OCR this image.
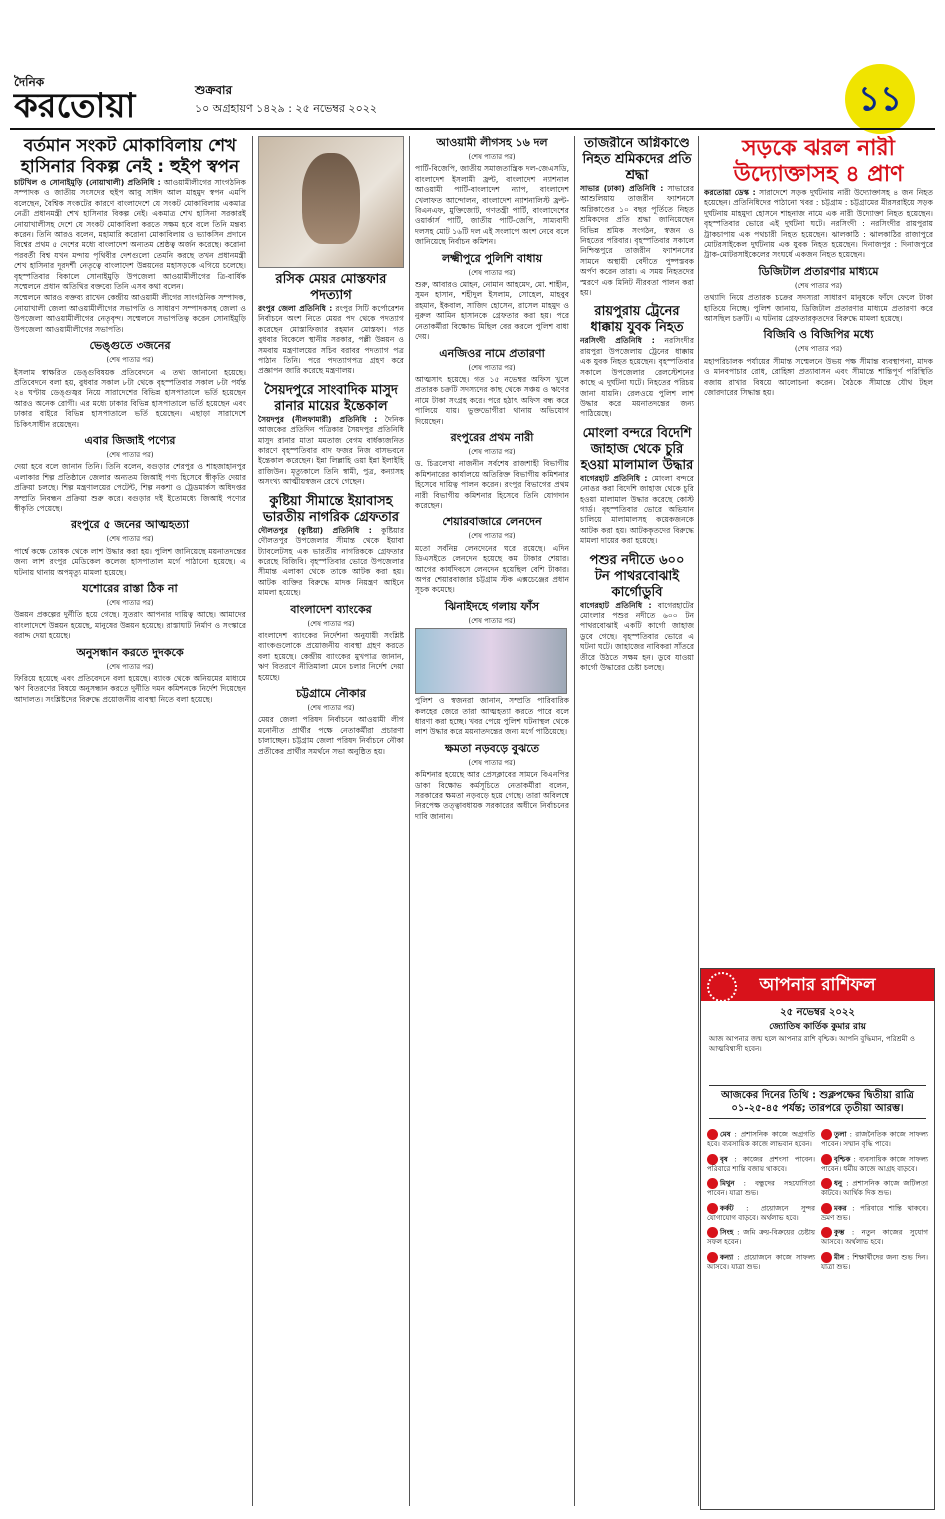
দৈনিক
করতোয়া	শুক্রবার
১০ অগ্রহায়ণ ১৪২৯ : ২৫ নভেম্বর ২০২২	১১
বর্তমান সংকট মোকাবিলায় শেখ হাসিনার বিকল্প নেই : হুইপ স্বপন

চাটখিল ও সোনাইমুড়ি (নোয়াখালী) প্রতিনিধি : আওয়ামীলীগের সাংগঠনিক সম্পাদক ও জাতীয় সংসদের হুইপ আবু সাঈদ আল মাহমুদ স্বপন এমপি বলেছেন, বৈশ্বিক সংকটের কারণে বাংলাদেশে যে সংকট মোকাবিলায় একমাত্র নেত্রী প্রধানমন্ত্রী শেখ হাসিনার বিকল্প নেই। একমাত্র শেখ হাসিনা সরকারই নোয়াখালীসহ দেশে যে সংকট মোকাবিলা করতে সক্ষম হবে বলে তিনি মন্তব্য করেন। তিনি আরও বলেন, মহামারি করোনা মোকাবিলায় ও ভ্যাকসিন প্রদানে বিশ্বের প্রথম ৫ দেশের মধ্যে বাংলাদেশ অন্যতম শ্রেষ্ঠত্ব অর্জন করেছে। করোনা পরবর্তী বিশ্ব যখন মন্দায় পৃথিবীর দেশগুলো তেমনি করছে তখন প্রধানমন্ত্রী শেখ হাসিনার দূরদর্শী নেতৃত্বে বাংলাদেশ উন্নয়নের মহাসড়কে এগিয়ে চলেছে। বৃহস্পতিবার বিকালে সোনাইমুড়ি উপজেলা আওয়ামীলীগের ত্রি-বার্ষিক সম্মেলনে প্রধান অতিথির বক্তব্যে তিনি এসব কথা বলেন।

সম্মেলনে আরও বক্তব্য রাখেন কেন্দ্রীয় আওয়ামী লীগের সাংগঠনিক সম্পাদক, নোয়াখালী জেলা আওয়ামীলীগের সভাপতি ও সাধারণ সম্পাদকসহ জেলা ও উপজেলা আওয়ামীলীগের নেতৃবৃন্দ। সম্মেলনে সভাপতিত্ব করেন সোনাইমুড়ি উপজেলা আওয়ামীলীগের সভাপতি।

ভেঙ্গুতে ৩জনের
(শেষ পাতার পর)

ইসলাম স্বাক্ষরিত ডেঙ্গুবিষয়ক প্রতিবেদনে এ তথ্য জানানো হয়েছে। প্রতিবেদনে বলা হয়, বুধবার সকাল ৮টা থেকে বৃহস্পতিবার সকাল ৮টা পর্যন্ত ২৪ ঘণ্টায় ডেঙ্গুজ্বর নিয়ে সারাদেশের বিভিন্ন হাসপাতালে ভর্তি হয়েছেন আরও অনেক রোগী। এর মধ্যে ঢাকার বিভিন্ন হাসপাতালে ভর্তি হয়েছেন এবং ঢাকার বাইরে বিভিন্ন হাসপাতালে ভর্তি হয়েছেন। এছাড়া সারাদেশে চিকিৎসাধীন রয়েছেন।

এবার জিজাই পণ্যের
(শেষ পাতার পর)

দেয়া হবে বলে জানান তিনি। তিনি বলেন, বগুড়ার শেরপুর ও শাহজাহানপুর এলাকার শিল্প প্রতিষ্ঠানে জেলার অন্যতম জিআই পণ্য হিসেবে স্বীকৃতি দেয়ার প্রক্রিয়া চলছে। শিল্প মন্ত্রণালয়ের পেটেন্ট, শিল্প নকশা ও ট্রেডমার্কস অধিদপ্তর সম্প্রতি নিবন্ধন প্রক্রিয়া শুরু করে। বগুড়ার দই ইতোমধ্যে জিআই পণ্যের স্বীকৃতি পেয়েছে।

রংপুরে ৫ জনের আত্মহত্যা
(শেষ পাতার পর)

পার্শ্বে কক্ষে তোষক থেকে লাশ উদ্ধার করা হয়। পুলিশ জানিয়েছে ময়নাতদন্তের জন্য লাশ রংপুর মেডিকেল কলেজ হাসপাতাল মর্গে পাঠানো হয়েছে। এ ঘটনায় থানায় অপমৃত্যু মামলা হয়েছে।

যশোরের রাস্তা ঠিক না
(শেষ পাতার পর)

উন্নয়ন প্রকল্পের দুর্নীতি হয়ে গেছে। সুতরাং আপনার দায়িত্ব আছে। আমাদের বাংলাদেশে উন্নয়ন হয়েছে, মানুষের উন্নয়ন হয়েছে। রাস্তাঘাট নির্মাণ ও সংস্কারে বরাদ্দ দেয়া হয়েছে।

অনুসন্ধান করতে দুদককে
(শেষ পাতার পর)

ফিরিয়ে হয়েছে এবং প্রতিবেদনে বলা হয়েছে। ব্যাংক থেকে অনিয়মের মাধ্যমে ঋণ বিতরণের বিষয়ে অনুসন্ধান করতে দুর্নীতি দমন কমিশনকে নির্দেশ দিয়েছেন আদালত। সংশ্লিষ্টদের বিরুদ্ধে প্রয়োজনীয় ব্যবস্থা নিতে বলা হয়েছে।

রসিক মেয়র মোস্তফার পদত্যাগ

রংপুর জেলা প্রতিনিধি : রংপুর সিটি কর্পোরেশন নির্বাচনে অংশ নিতে মেয়র পদ থেকে পদত্যাগ করেছেন মোস্তাফিজার রহমান মোস্তফা। গত বুধবার বিকেলে স্থানীয় সরকার, পল্লী উন্নয়ন ও সমবায় মন্ত্রণালয়ের সচিব বরাবর পদত্যাগ পত্র পাঠান তিনি। পরে পদত্যাগপত্র গ্রহণ করে প্রজ্ঞাপন জারি করেছে মন্ত্রণালয়।

সৈয়দপুরে সাংবাদিক মাসুদ রানার মায়ের ইন্তেকাল

সৈয়দপুর (নীলফামারী) প্রতিনিধি : দৈনিক আজকের প্রতিদিন পত্রিকার সৈয়দপুর প্রতিনিধি মাসুদ রানার মাতা মমতাজ বেগম বার্ধক্যজনিত কারণে বৃহস্পতিবার বাদ ফজর নিজ বাসভবনে ইন্তেকাল করেছেন। ইন্না লিল্লাহি ওয়া ইন্না ইলাইহি রাজিউন। মৃত্যুকালে তিনি স্বামী, পুত্র, কন্যাসহ অসংখ্য আত্মীয়স্বজন রেখে গেছেন।

কুষ্টিয়া সীমান্তে ইয়াবাসহ ভারতীয় নাগরিক গ্রেফতার

দৌলতপুর (কুষ্টিয়া) প্রতিনিধি : কুষ্টিয়ার দৌলতপুর উপজেলার সীমান্ত থেকে ইয়াবা ট্যাবলেটসহ এক ভারতীয় নাগরিককে গ্রেফতার করেছে বিজিবি। বৃহস্পতিবার ভোরে উপজেলার সীমান্ত এলাকা থেকে তাকে আটক করা হয়। আটক ব্যক্তির বিরুদ্ধে মাদক নিয়ন্ত্রণ আইনে মামলা হয়েছে।

বাংলাদেশ ব্যাংকের
(শেষ পাতার পর)

বাংলাদেশ ব্যাংকের নির্দেশনা অনুযায়ী সংশ্লিষ্ট ব্যাংকগুলোকে প্রয়োজনীয় ব্যবস্থা গ্রহণ করতে বলা হয়েছে। কেন্দ্রীয় ব্যাংকের মুখপাত্র জানান, ঋণ বিতরণে নীতিমালা মেনে চলার নির্দেশ দেয়া হয়েছে।

চট্টগ্রামে নৌকার
(শেষ পাতার পর)

মেয়র জেলা পরিষদ নির্বাচনে আওয়ামী লীগ মনোনীত প্রার্থীর পক্ষে নেতাকর্মীরা প্রচারণা চালাচ্ছেন। চট্টগ্রাম জেলা পরিষদ নির্বাচনে নৌকা প্রতীকের প্রার্থীর সমর্থনে সভা অনুষ্ঠিত হয়।

আওয়ামী লীগসহ ১৬ দল
(শেষ পাতার পর)

পার্টি-বিজেপি, জাতীয় সমাজতান্ত্রিক দল-জেএসডি, বাংলাদেশ ইসলামী ফ্রন্ট, বাংলাদেশ ন্যাশনাল আওয়ামী পার্টি-বাংলাদেশ ন্যাপ, বাংলাদেশ খেলাফত আন্দোলন, বাংলাদেশ ন্যাশনালিস্ট ফ্রন্ট-বিএনএফ, মুক্তিজোট, গণতন্ত্রী পার্টি, বাংলাদেশের ওয়ার্কার্স পার্টি, জাতীয় পার্টি-জেপি, সাম্যবাদী দলসহ মোট ১৬টি দল এই সংলাপে অংশ নেবে বলে জানিয়েছে নির্বাচন কমিশন।

লক্ষ্মীপুরে পুলিশি বাধায়
(শেষ পাতার পর)

শুরু, আবারও মোহন, নোমান আহমেদ, মো. শাহীন, সুমন হাসান, শহীদুল ইসলাম, সোহেল, মাহবুব রহমান, ইকবাল, সাজিদ হোসেন, রাসেল মাহমুদ ও নুরুল আমিন হাসানকে গ্রেফতার করা হয়। পরে নেতাকর্মীরা বিক্ষোভ মিছিল বের করলে পুলিশ বাধা দেয়।

এনজিওর নামে প্রতারণা
(শেষ পাতার পর)

আত্মসাৎ হয়েছে। গত ১৫ নভেম্বর অফিস খুলে প্রতারক চক্রটি সদস্যদের কাছ থেকে সঞ্চয় ও ঋণের নামে টাকা সংগ্রহ করে। পরে হঠাৎ অফিস বন্ধ করে পালিয়ে যায়। ভুক্তভোগীরা থানায় অভিযোগ দিয়েছেন।

রংপুরের প্রথম নারী
(শেষ পাতার পর)

ড. চিত্রলেখা নাজনীন সর্বশেষ রাজশাহী বিভাগীয় কমিশনারের কার্যালয়ে অতিরিক্ত বিভাগীয় কমিশনার হিসেবে দায়িত্ব পালন করেন। রংপুর বিভাগের প্রথম নারী বিভাগীয় কমিশনার হিসেবে তিনি যোগদান করেছেন।

শেয়ারবাজারে লেনদেন
(শেষ পাতার পর)

মতো সর্বনিম্ন লেনদেনের ঘরে রয়েছে। এদিন ডিএসইতে লেনদেন হয়েছে কম টাকার শেয়ার। আগের কার্যদিবসে লেনদেন হয়েছিল বেশি টাকার। অপর শেয়ারবাজার চট্টগ্রাম স্টক এক্সচেঞ্জের প্রধান সূচক কমেছে।

ঝিনাইদহে গলায় ফাঁস
(শেষ পাতার পর)

পুলিশ ও স্বজনরা জানান, সম্প্রতি পারিবারিক কলহের জেরে তারা আত্মহত্যা করতে পারে বলে ধারণা করা হচ্ছে। খবর পেয়ে পুলিশ ঘটনাস্থল থেকে লাশ উদ্ধার করে ময়নাতদন্তের জন্য মর্গে পাঠিয়েছে।

ক্ষমতা নড়বড়ে বুঝতে
(শেষ পাতার পর)

কমিশনার হয়েছে আর প্রেসক্লাবের সামনে বিএনপির ডাকা বিক্ষোভ কর্মসূচিতে নেতাকর্মীরা বলেন, সরকারের ক্ষমতা নড়বড়ে হয়ে গেছে। তারা অবিলম্বে নিরপেক্ষ তত্ত্বাবধায়ক সরকারের অধীনে নির্বাচনের দাবি জানান।

তাজরীনে অগ্নিকাণ্ডে নিহত শ্রমিকদের প্রতি শ্রদ্ধা

সাভার (ঢাকা) প্রতিনিধি : সাভারের আশুলিয়ায় তাজরীন ফ্যাশনসে অগ্নিকাণ্ডের ১০ বছর পূর্তিতে নিহত শ্রমিকদের প্রতি শ্রদ্ধা জানিয়েছেন বিভিন্ন শ্রমিক সংগঠন, স্বজন ও নিহতের পরিবার। বৃহস্পতিবার সকালে নিশ্চিন্তপুরে তাজরীন ফ্যাশনসের সামনে অস্থায়ী বেদীতে পুষ্পস্তবক অর্পণ করেন তারা। এ সময় নিহতদের স্মরণে এক মিনিট নীরবতা পালন করা হয়।

রায়পুরায় ট্রেনের ধাক্কায় যুবক নিহত

নরসিংদী প্রতিনিধি : নরসিংদীর রায়পুরা উপজেলায় ট্রেনের ধাক্কায় এক যুবক নিহত হয়েছেন। বৃহস্পতিবার সকালে উপজেলার রেলস্টেশনের কাছে এ দুর্ঘটনা ঘটে। নিহতের পরিচয় জানা যায়নি। রেলওয়ে পুলিশ লাশ উদ্ধার করে ময়নাতদন্তের জন্য পাঠিয়েছে।

মোংলা বন্দরে বিদেশি জাহাজ থেকে চুরি হওয়া মালামাল উদ্ধার

বাগেরহাট প্রতিনিধি : মোংলা বন্দরে নোঙর করা বিদেশি জাহাজ থেকে চুরি হওয়া মালামাল উদ্ধার করেছে কোস্ট গার্ড। বৃহস্পতিবার ভোরে অভিযান চালিয়ে মালামালসহ কয়েকজনকে আটক করা হয়। আটককৃতদের বিরুদ্ধে মামলা দায়ের করা হয়েছে।

পশুর নদীতে ৬০০ টন পাথরবোঝাই কার্গোডুবি

বাগেরহাট প্রতিনিধি : বাগেরহাটের মোংলার পশুর নদীতে ৬০০ টন পাথরবোঝাই একটি কার্গো জাহাজ ডুবে গেছে। বৃহস্পতিবার ভোরে এ ঘটনা ঘটে। জাহাজের নাবিকরা সাঁতরে তীরে উঠতে সক্ষম হন। ডুবে যাওয়া কার্গো উদ্ধারের চেষ্টা চলছে।

সড়কে ঝরল নারী উদ্যোক্তাসহ ৪ প্রাণ

করতোয়া ডেস্ক : সারাদেশে সড়ক দুর্ঘটনায় নারী উদ্যোক্তাসহ ৪ জন নিহত হয়েছেন। প্রতিনিধিদের পাঠানো খবর : চট্টগ্রাম : চট্টগ্রামের মীরসরাইয়ে সড়ক দুর্ঘটনায় মাহমুদা হোসনে শাহনাজ নামে এক নারী উদ্যোক্তা নিহত হয়েছেন। বৃহস্পতিবার ভোরে এই দুর্ঘটনা ঘটে। নরসিংদী : নরসিংদীর রায়পুরায় ট্রাকচাপায় এক পথচারী নিহত হয়েছেন। ঝালকাঠি : ঝালকাঠির রাজাপুরে মোটরসাইকেল দুর্ঘটনায় এক যুবক নিহত হয়েছেন। দিনাজপুর : দিনাজপুরে ট্রাক-মোটরসাইকেলের সংঘর্ষে একজন নিহত হয়েছেন।

ডিজিটাল প্রতারণার মাধ্যমে
(শেষ পাতার পর)

তথ্যাদি নিয়ে প্রতারক চক্রের সদস্যরা সাধারণ মানুষকে ফাঁদে ফেলে টাকা হাতিয়ে নিচ্ছে। পুলিশ জানায়, ডিজিটাল প্রতারণার মাধ্যমে প্রতারণা করে আসছিল চক্রটি। এ ঘটনায় গ্রেফতারকৃতদের বিরুদ্ধে মামলা হয়েছে।

বিজিবি ও বিজিপির মধ্যে
(শেষ পাতার পর)

মহাপরিচালক পর্যায়ের সীমান্ত সম্মেলনে উভয় পক্ষ সীমান্ত ব্যবস্থাপনা, মাদক ও মানবপাচার রোধ, রোহিঙ্গা প্রত্যাবাসন এবং সীমান্তে শান্তিপূর্ণ পরিস্থিতি বজায় রাখার বিষয়ে আলোচনা করেন। বৈঠকে সীমান্তে যৌথ টহল জোরদারের সিদ্ধান্ত হয়।

আপনার রাশিফল
২৫ নভেম্বর ২০২২
জ্যোতিষ কার্তিক কুমার রায়
আজ আপনার জন্ম হলে আপনার রাশি বৃশ্চিক। আপনি বুদ্ধিমান, পরিশ্রমী ও আত্মবিশ্বাসী হবেন।
আজকের দিনের তিথি : শুক্লপক্ষের দ্বিতীয়া রাত্রি ০১-২৫-৪৫ পর্যন্ত; তারপরে তৃতীয়া আরম্ভ।
মেষ : প্রশাসনিক কাজে অগ্রগতি হবে। ব্যবসায়িক কাজে লাভবান হবেন।
বৃষ : কাজের প্রশংসা পাবেন। পরিবারে শান্তি বজায় থাকবে।
মিথুন : বন্ধুদের সহযোগিতা পাবেন। যাত্রা শুভ।
কর্কট : প্রয়োজনে সুন্দর যোগাযোগ বাড়বে। অর্থলাভ হবে।
সিংহ : জমি ক্রয়-বিক্রয়ের চেষ্টায় সফল হবেন।
কন্যা : প্রয়োজনে কাজে সাফল্য আসবে। যাত্রা শুভ।
তুলা : রাজনৈতিক কাজে সাফল্য পাবেন। সম্মান বৃদ্ধি পাবে।
বৃশ্চিক : ব্যবসায়িক কাজে সাফল্য পাবেন। ধর্মীয় কাজে আগ্রহ বাড়বে।
ধনু : প্রশাসনিক কাজে জটিলতা কাটবে। আর্থিক দিক শুভ।
মকর : পরিবারে শান্তি থাকবে। ভ্রমণ শুভ।
কুম্ভ : নতুন কাজের সুযোগ আসবে। অর্থলাভ হবে।
মীন : শিক্ষার্থীদের জন্য শুভ দিন। যাত্রা শুভ।
